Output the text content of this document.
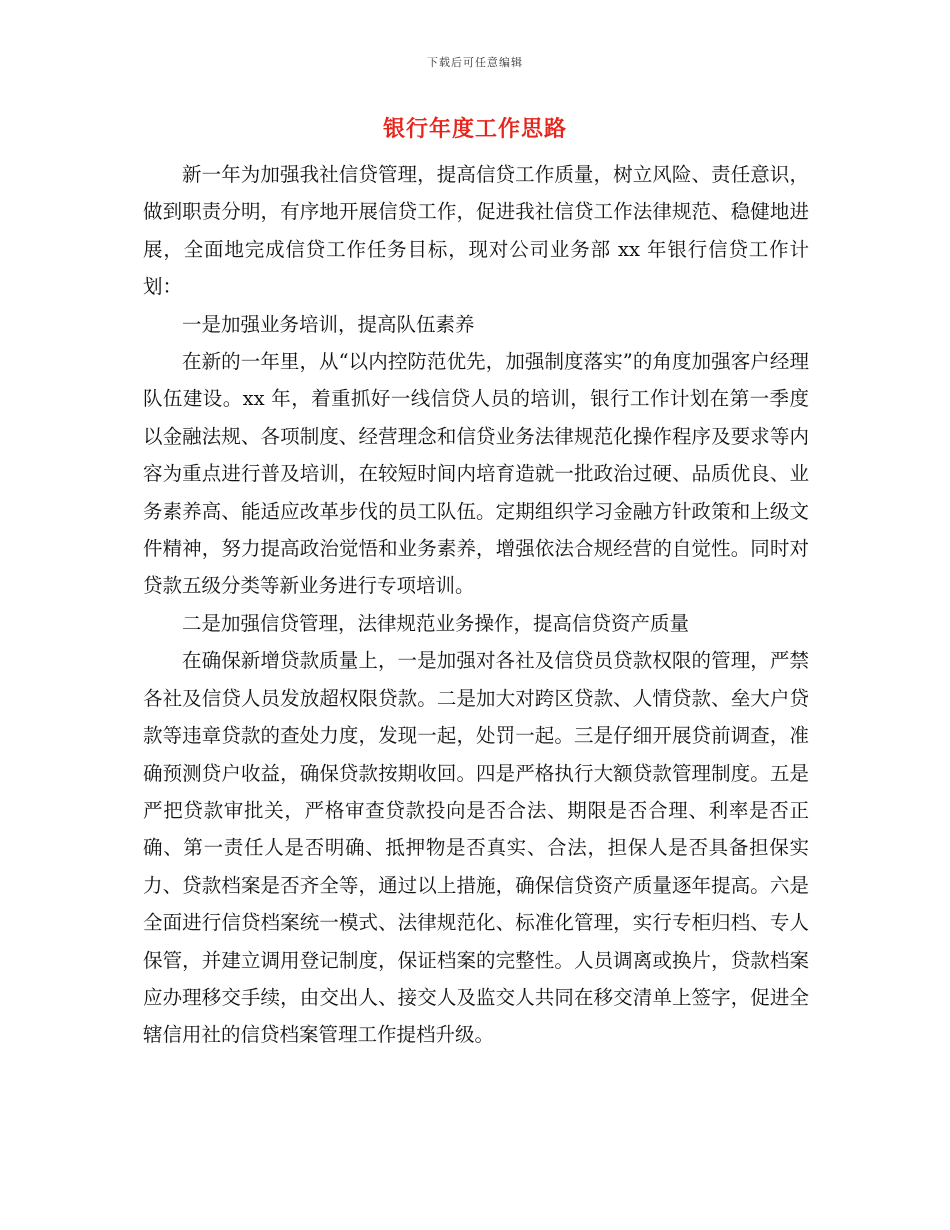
下载后可任意编辑
银行年度工作思路

新一年为加强我社信贷管理，提高信贷工作质量，树立风险、责任意识，做到职责分明，有序地开展信贷工作，促进我社信贷工作法律规范、稳健地进展，全面地完成信贷工作任务目标，现对公司业务部 xx 年银行信贷工作计划：

一是加强业务培训，提高队伍素养

在新的一年里，从“以内控防范优先，加强制度落实”的角度加强客户经理队伍建设。xx 年，着重抓好一线信贷人员的培训，银行工作计划在第一季度以金融法规、各项制度、经营理念和信贷业务法律规范化操作程序及要求等内容为重点进行普及培训，在较短时间内培育造就一批政治过硬、品质优良、业务素养高、能适应改革步伐的员工队伍。定期组织学习金融方针政策和上级文件精神，努力提高政治觉悟和业务素养，增强依法合规经营的自觉性。同时对贷款五级分类等新业务进行专项培训。

二是加强信贷管理，法律规范业务操作，提高信贷资产质量

在确保新增贷款质量上，一是加强对各社及信贷员贷款权限的管理，严禁各社及信贷人员发放超权限贷款。二是加大对跨区贷款、人情贷款、垒大户贷款等违章贷款的查处力度，发现一起，处罚一起。三是仔细开展贷前调查，准确预测贷户收益，确保贷款按期收回。四是严格执行大额贷款管理制度。五是严把贷款审批关，严格审查贷款投向是否合法、期限是否合理、利率是否正确、第一责任人是否明确、抵押物是否真实、合法，担保人是否具备担保实力、贷款档案是否齐全等，通过以上措施，确保信贷资产质量逐年提高。六是全面进行信贷档案统一模式、法律规范化、标准化管理，实行专柜归档、专人保管，并建立调用登记制度，保证档案的完整性。人员调离或换片，贷款档案应办理移交手续，由交出人、接交人及监交人共同在移交清单上签字，促进全辖信用社的信贷档案管理工作提档升级。
